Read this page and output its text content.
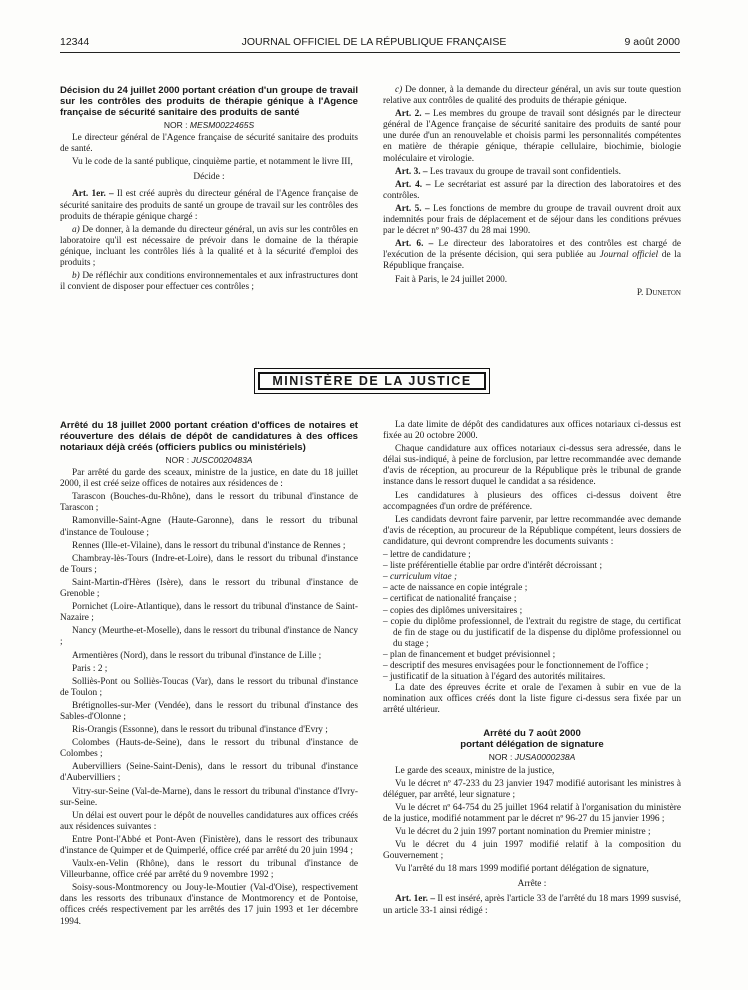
12344	JOURNAL OFFICIEL DE LA RÉPUBLIQUE FRANÇAISE	9 août 2000

Décision du 24 juillet 2000 portant création d'un groupe de travail sur les contrôles des produits de thérapie génique à l'Agence française de sécurité sanitaire des produits de santé

NOR : MESM0022465S

Le directeur général de l'Agence française de sécurité sanitaire des produits de santé.

Vu le code de la santé publique, cinquième partie, et notamment le livre III,

Décide :

Art. 1er. – Il est créé auprès du directeur général de l'Agence française de sécurité sanitaire des produits de santé un groupe de travail sur les contrôles des produits de thérapie génique chargé :

a) De donner, à la demande du directeur général, un avis sur les contrôles en laboratoire qu'il est nécessaire de prévoir dans le domaine de la thérapie génique, incluant les contrôles liés à la qualité et à la sécurité d'emploi des produits ;

b) De réfléchir aux conditions environnementales et aux infrastructures dont il convient de disposer pour effectuer ces contrôles ;

c) De donner, à la demande du directeur général, un avis sur toute question relative aux contrôles de qualité des produits de thérapie génique.

Art. 2. – Les membres du groupe de travail sont désignés par le directeur général de l'Agence française de sécurité sanitaire des produits de santé pour une durée d'un an renouvelable et choisis parmi les personnalités compétentes en matière de thérapie génique, thérapie cellulaire, biochimie, biologie moléculaire et virologie.

Art. 3. – Les travaux du groupe de travail sont confidentiels.

Art. 4. – Le secrétariat est assuré par la direction des laboratoires et des contrôles.

Art. 5. – Les fonctions de membre du groupe de travail ouvrent droit aux indemnités pour frais de déplacement et de séjour dans les conditions prévues par le décret nº 90-437 du 28 mai 1990.

Art. 6. – Le directeur des laboratoires et des contrôles est chargé de l'exécution de la présente décision, qui sera publiée au Journal officiel de la République française.

Fait à Paris, le 24 juillet 2000.

P. Duneton

MINISTÈRE DE LA JUSTICE

Arrêté du 18 juillet 2000 portant création d'offices de notaires et réouverture des délais de dépôt de candidatures à des offices notariaux déjà créés (officiers publics ou ministériels)

NOR : JUSC0020483A

Par arrêté du garde des sceaux, ministre de la justice, en date du 18 juillet 2000, il est créé seize offices de notaires aux résidences de :

Tarascon (Bouches-du-Rhône), dans le ressort du tribunal d'instance de Tarascon ;

Ramonville-Saint-Agne (Haute-Garonne), dans le ressort du tribunal d'instance de Toulouse ;

Rennes (Ille-et-Vilaine), dans le ressort du tribunal d'instance de Rennes ;

Chambray-lès-Tours (Indre-et-Loire), dans le ressort du tribunal d'instance de Tours ;

Saint-Martin-d'Hères (Isère), dans le ressort du tribunal d'instance de Grenoble ;

Pornichet (Loire-Atlantique), dans le ressort du tribunal d'instance de Saint-Nazaire ;

Nancy (Meurthe-et-Moselle), dans le ressort du tribunal d'instance de Nancy ;

Armentières (Nord), dans le ressort du tribunal d'instance de Lille ;

Paris : 2 ;

Solliès-Pont ou Solliès-Toucas (Var), dans le ressort du tribunal d'instance de Toulon ;

Brétignolles-sur-Mer (Vendée), dans le ressort du tribunal d'instance des Sables-d'Olonne ;

Ris-Orangis (Essonne), dans le ressort du tribunal d'instance d'Evry ;

Colombes (Hauts-de-Seine), dans le ressort du tribunal d'instance de Colombes ;

Aubervilliers (Seine-Saint-Denis), dans le ressort du tribunal d'instance d'Aubervilliers ;

Vitry-sur-Seine (Val-de-Marne), dans le ressort du tribunal d'instance d'Ivry-sur-Seine.

Un délai est ouvert pour le dépôt de nouvelles candidatures aux offices créés aux résidences suivantes :

Entre Pont-l'Abbé et Pont-Aven (Finistère), dans le ressort des tribunaux d'instance de Quimper et de Quimperlé, office créé par arrêté du 20 juin 1994 ;

Vaulx-en-Velin (Rhône), dans le ressort du tribunal d'instance de Villeurbanne, office créé par arrêté du 9 novembre 1992 ;

Soisy-sous-Montmorency ou Jouy-le-Moutier (Val-d'Oise), respectivement dans les ressorts des tribunaux d'instance de Montmorency et de Pontoise, offices créés respectivement par les arrêtés des 17 juin 1993 et 1er décembre 1994.

La date limite de dépôt des candidatures aux offices notariaux ci-dessus est fixée au 20 octobre 2000.

Chaque candidature aux offices notariaux ci-dessus sera adressée, dans le délai sus-indiqué, à peine de forclusion, par lettre recommandée avec demande d'avis de réception, au procureur de la République près le tribunal de grande instance dans le ressort duquel le candidat a sa résidence.

Les candidatures à plusieurs des offices ci-dessus doivent être accompagnées d'un ordre de préférence.

Les candidats devront faire parvenir, par lettre recommandée avec demande d'avis de réception, au procureur de la République compétent, leurs dossiers de candidature, qui devront comprendre les documents suivants :

– lettre de candidature ;
– liste préférentielle établie par ordre d'intérêt décroissant ;
– curriculum vitae ;
– acte de naissance en copie intégrale ;
– certificat de nationalité française ;
– copies des diplômes universitaires ;
– copie du diplôme professionnel, de l'extrait du registre de stage, du certificat de fin de stage ou du justificatif de la dispense du diplôme professionnel ou du stage ;
– plan de financement et budget prévisionnel ;
– descriptif des mesures envisagées pour le fonctionnement de l'office ;
– justificatif de la situation à l'égard des autorités militaires.

La date des épreuves écrite et orale de l'examen à subir en vue de la nomination aux offices créés dont la liste figure ci-dessus sera fixée par un arrêté ultérieur.

Arrêté du 7 août 2000

portant délégation de signature

NOR : JUSA0000238A

Le garde des sceaux, ministre de la justice,

Vu le décret nº 47-233 du 23 janvier 1947 modifié autorisant les ministres à déléguer, par arrêté, leur signature ;

Vu le décret nº 64-754 du 25 juillet 1964 relatif à l'organisation du ministère de la justice, modifié notamment par le décret nº 96-27 du 15 janvier 1996 ;

Vu le décret du 2 juin 1997 portant nomination du Premier ministre ;

Vu le décret du 4 juin 1997 modifié relatif à la composition du Gouvernement ;

Vu l'arrêté du 18 mars 1999 modifié portant délégation de signature,

Arrête :

Art. 1er. – Il est inséré, après l'article 33 de l'arrêté du 18 mars 1999 susvisé, un article 33-1 ainsi rédigé :
